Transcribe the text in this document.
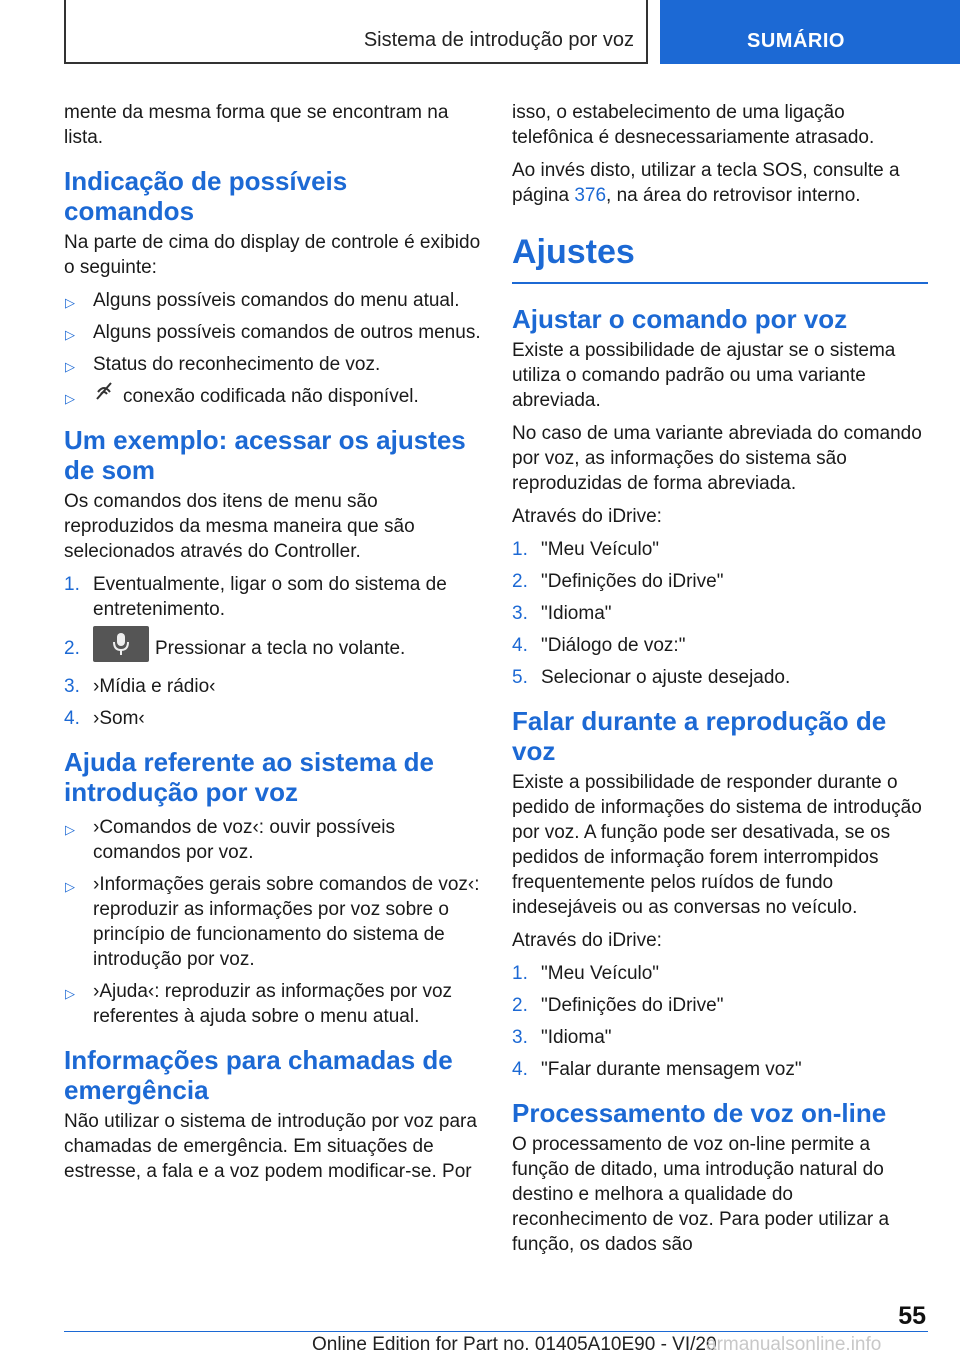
Sistema de introdução por voz	SUMÁRIO

mente da mesma forma que se encontram na lista.

Indicação de possíveis comandos

Na parte de cima do display de controle é exibido o seguinte:

▷ Alguns possíveis comandos do menu atual.
▷ Alguns possíveis comandos de outros menus.
▷ Status do reconhecimento de voz.
▷	conexão codificada não disponível.
Um exemplo: acessar os ajustes de som

Os comandos dos itens de menu são reproduzidos da mesma maneira que são selecionados através do Controller.

1. Eventualmente, ligar o som do sistema de entretenimento.
2.	Pressionar a tecla no volante.
3. ›Mídia e rádio‹
4. ›Som‹
Ajuda referente ao sistema de introdução por voz
▷ ›Comandos de voz‹: ouvir possíveis comandos por voz.
▷ ›Informações gerais sobre comandos de voz‹: reproduzir as informações por voz sobre o princípio de funcionamento do sistema de introdução por voz.
▷ ›Ajuda‹: reproduzir as informações por voz referentes à ajuda sobre o menu atual.
Informações para chamadas de emergência

Não utilizar o sistema de introdução por voz para chamadas de emergência. Em situações de estresse, a fala e a voz podem modificar-se. Por

isso, o estabelecimento de uma ligação telefônica é desnecessariamente atrasado.

Ao invés disto, utilizar a tecla SOS, consulte a página 376, na área do retrovisor interno.

Ajustes
Ajustar o comando por voz

Existe a possibilidade de ajustar se o sistema utiliza o comando padrão ou uma variante abreviada.

No caso de uma variante abreviada do comando por voz, as informações do sistema são reproduzidas de forma abreviada.

Através do iDrive:

1. "Meu Veículo"
2. "Definições do iDrive"
3. "Idioma"
4. "Diálogo de voz:"
5. Selecionar o ajuste desejado.
Falar durante a reprodução de voz

Existe a possibilidade de responder durante o pedido de informações do sistema de introdução por voz. A função pode ser desativada, se os pedidos de informação forem interrompidos frequentemente pelos ruídos de fundo indesejáveis ou as conversas no veículo.

Através do iDrive:

1. "Meu Veículo"
2. "Definições do iDrive"
3. "Idioma"
4. "Falar durante mensagem voz"
Processamento de voz on-line

O processamento de voz on-line permite a função de ditado, uma introdução natural do destino e melhora a qualidade do reconhecimento de voz. Para poder utilizar a função, os dados são

55
Online Edition for Part no. 01405A10E90 - VI/20
armanualsonline.info
